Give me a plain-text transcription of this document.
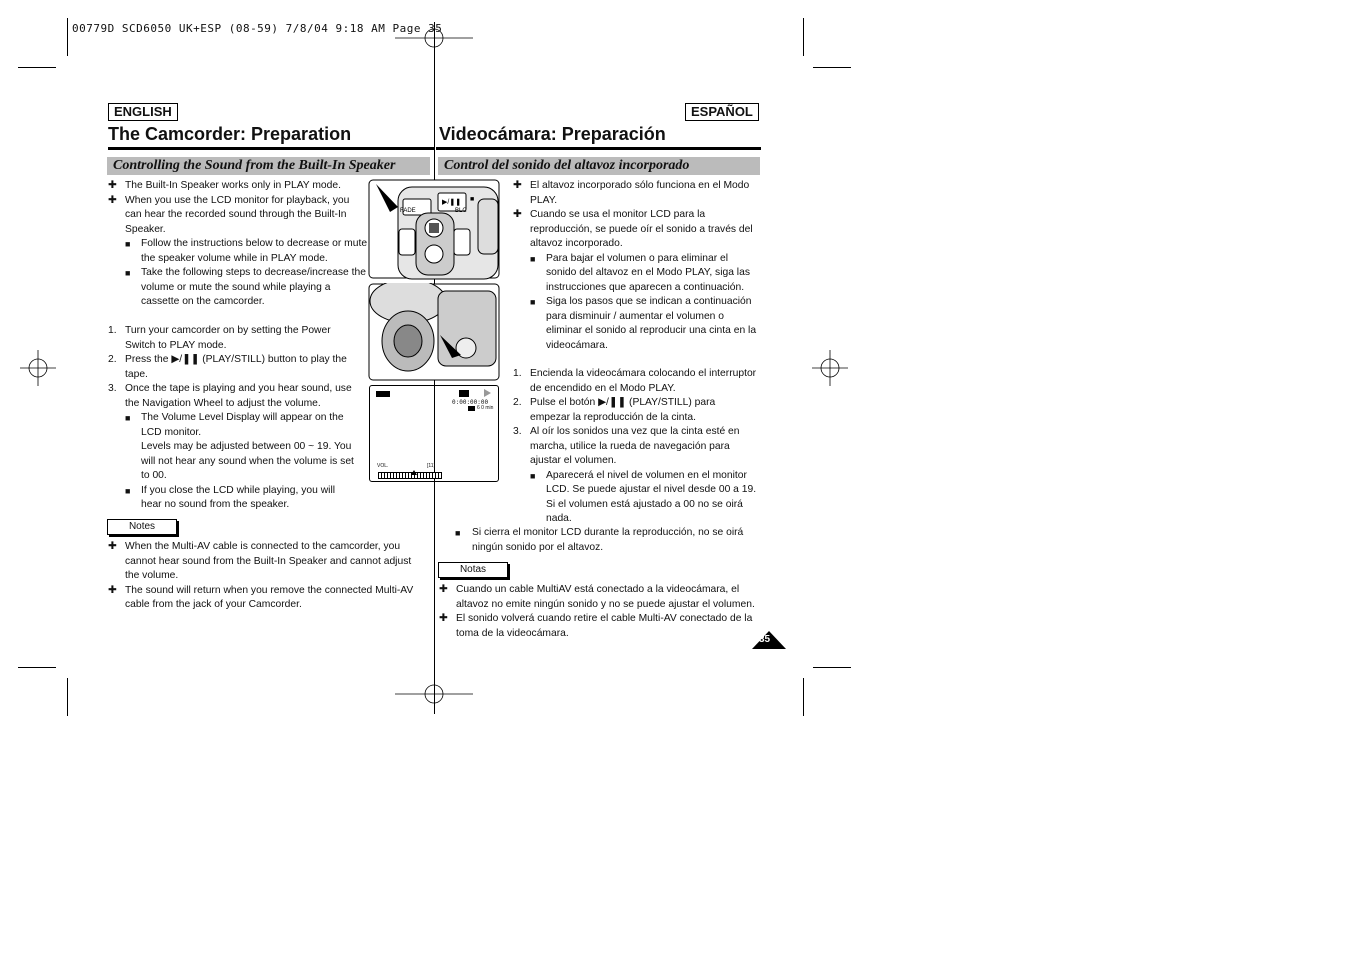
00779D SCD6050 UK+ESP (08-59) 7/8/04 9:18 AM Page 35
ENGLISH
The Camcorder: Preparation
Controlling the Sound from the Built-In Speaker

✚ The Built-In Speaker works only in PLAY mode.

✚ When you use the LCD monitor for playback, you can hear the recorded sound through the Built-In Speaker.

■ Follow the instructions below to decrease or mute the speaker volume while in PLAY mode.

■ Take the following steps to decrease/increase the volume or mute the sound while playing a cassette on the camcorder.

1. Turn your camcorder on by setting the Power Switch to PLAY mode.

2. Press the ▶/❚❚ (PLAY/STILL) button to play the tape.

3. Once the tape is playing and you hear sound, use the Navigation Wheel to adjust the volume.

■ The Volume Level Display will appear on the LCD monitor.

Levels may be adjusted between 00 ~ 19. You will not hear any sound when the volume is set to 00.

■ If you close the LCD while playing, you will hear no sound from the speaker.

Notes

✚ When the Multi-AV cable is connected to the camcorder, you cannot hear sound from the Built-In Speaker and cannot adjust the volume.

✚ The sound will return when you remove the connected Multi-AV cable from the jack of your Camcorder.

FADE
▶/❚❚ ■
BLC
0:00:00:00
6 0 min
VOL.	[11]
ESPAÑOL
Videocámara: Preparación
Control del sonido del altavoz incorporado

✚ El altavoz incorporado sólo funciona en el Modo PLAY.

✚ Cuando se usa el monitor LCD para la reproducción, se puede oír el sonido a través del altavoz incorporado.

■ Para bajar el volumen o para eliminar el sonido del altavoz en el Modo PLAY, siga las instrucciones que aparecen a continuación.

■ Siga los pasos que se indican a continuación para disminuir / aumentar el volumen o eliminar el sonido al reproducir una cinta en la videocámara.

1. Encienda la videocámara colocando el interruptor de encendido en el Modo PLAY.

2. Pulse el botón ▶/❚❚ (PLAY/STILL) para empezar la reproducción de la cinta.

3. Al oír los sonidos una vez que la cinta esté en marcha, utilice la rueda de navegación para ajustar el volumen.

■ Aparecerá el nivel de volumen en el monitor LCD. Se puede ajustar el nivel desde 00 a 19. Si el volumen está ajustado a 00 no se oirá nada.

■ Si cierra el monitor LCD durante la reproducción, no se oirá ningún sonido por el altavoz.

Notas

✚ Cuando un cable MultiAV está conectado a la videocámara, el altavoz no emite ningún sonido y no se puede ajustar el volumen.

✚ El sonido volverá cuando retire el cable Multi-AV conectado de la toma de la videocámara.

35
